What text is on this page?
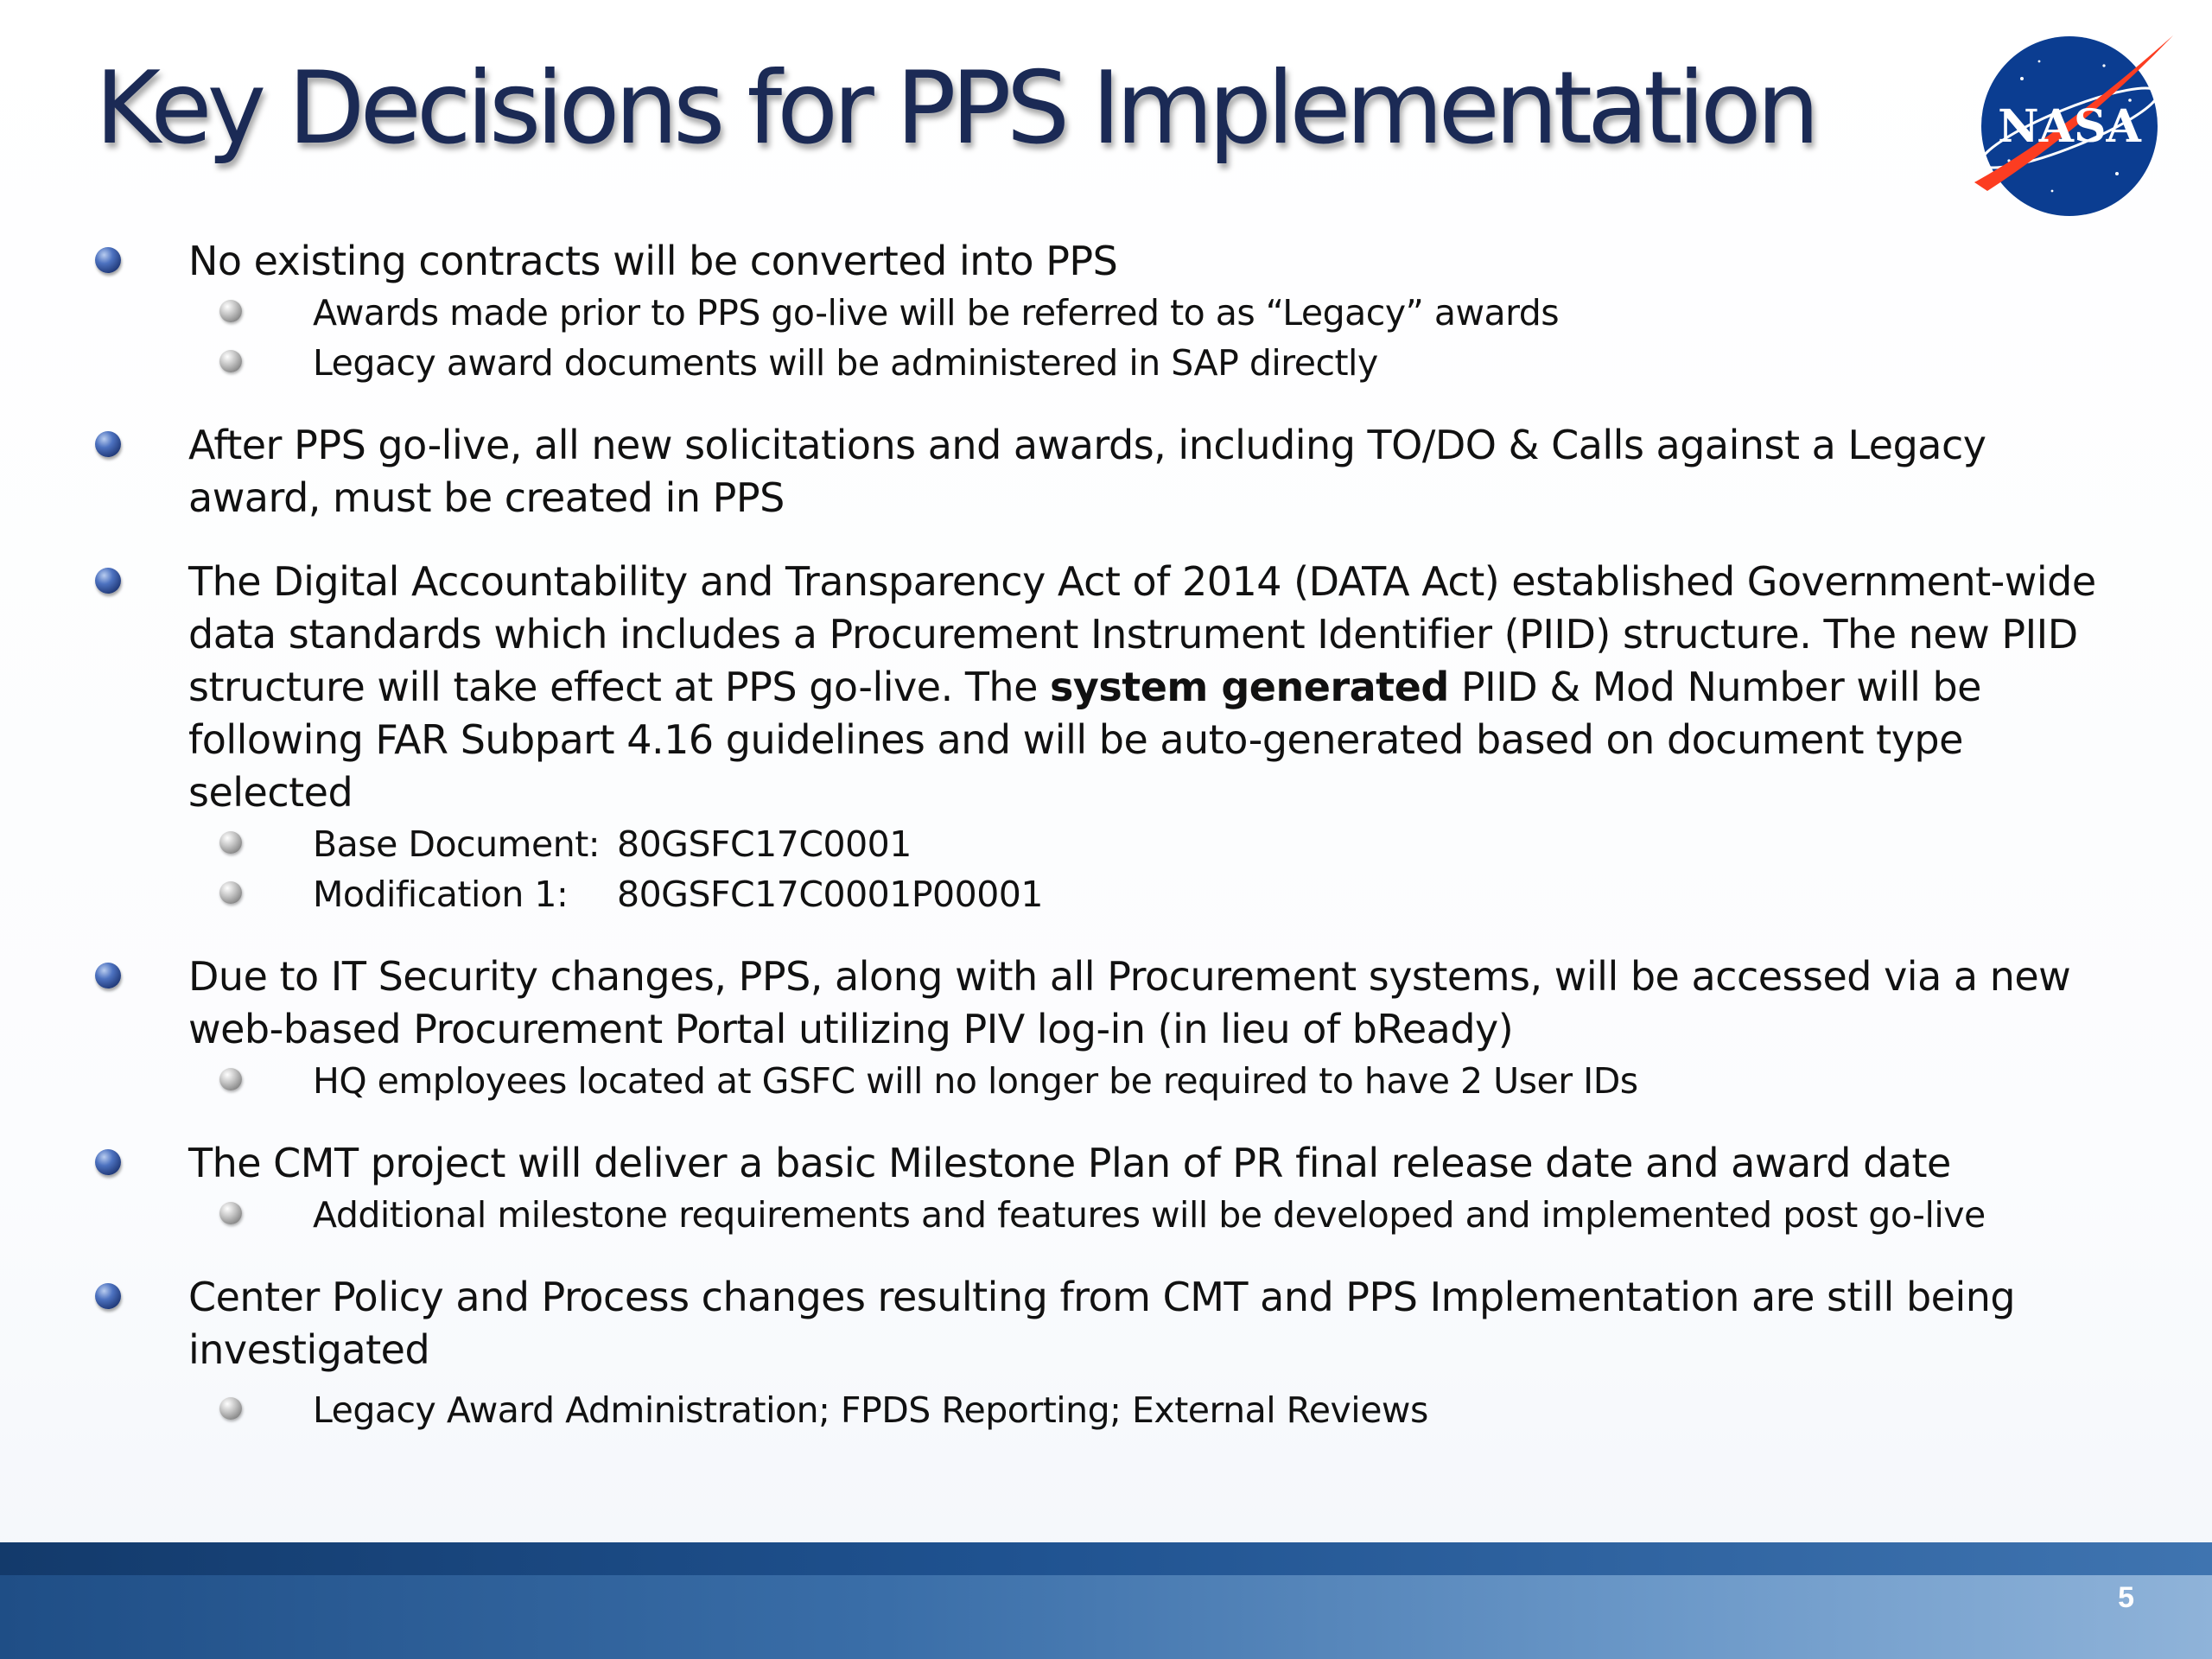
Key Decisions for PPS Implementation	NASA
No existing contracts will be converted into PPS
Awards made prior to PPS go-live will be referred to as “Legacy” awards
Legacy award documents will be administered in SAP directly
After PPS go-live, all new solicitations and awards, including TO/DO & Calls against a Legacy award, must be created in PPS
The Digital Accountability and Transparency Act of 2014 (DATA Act) established Government-wide data standards which includes a Procurement Instrument Identifier (PIID) structure. The new PIID structure will take effect at PPS go-live. The system generated PIID & Mod Number will be following FAR Subpart 4.16 guidelines and will be auto-generated based on document type selected
Base Document: 80GSFC17C0001
Modification 1: 80GSFC17C0001P00001
Due to IT Security changes, PPS, along with all Procurement systems, will be accessed via a new web-based Procurement Portal utilizing PIV log-in (in lieu of bReady)
HQ employees located at GSFC will no longer be required to have 2 User IDs
The CMT project will deliver a basic Milestone Plan of PR final release date and award date
Additional milestone requirements and features will be developed and implemented post go-live
Center Policy and Process changes resulting from CMT and PPS Implementation are still being investigated
Legacy Award Administration; FPDS Reporting; External Reviews
5
